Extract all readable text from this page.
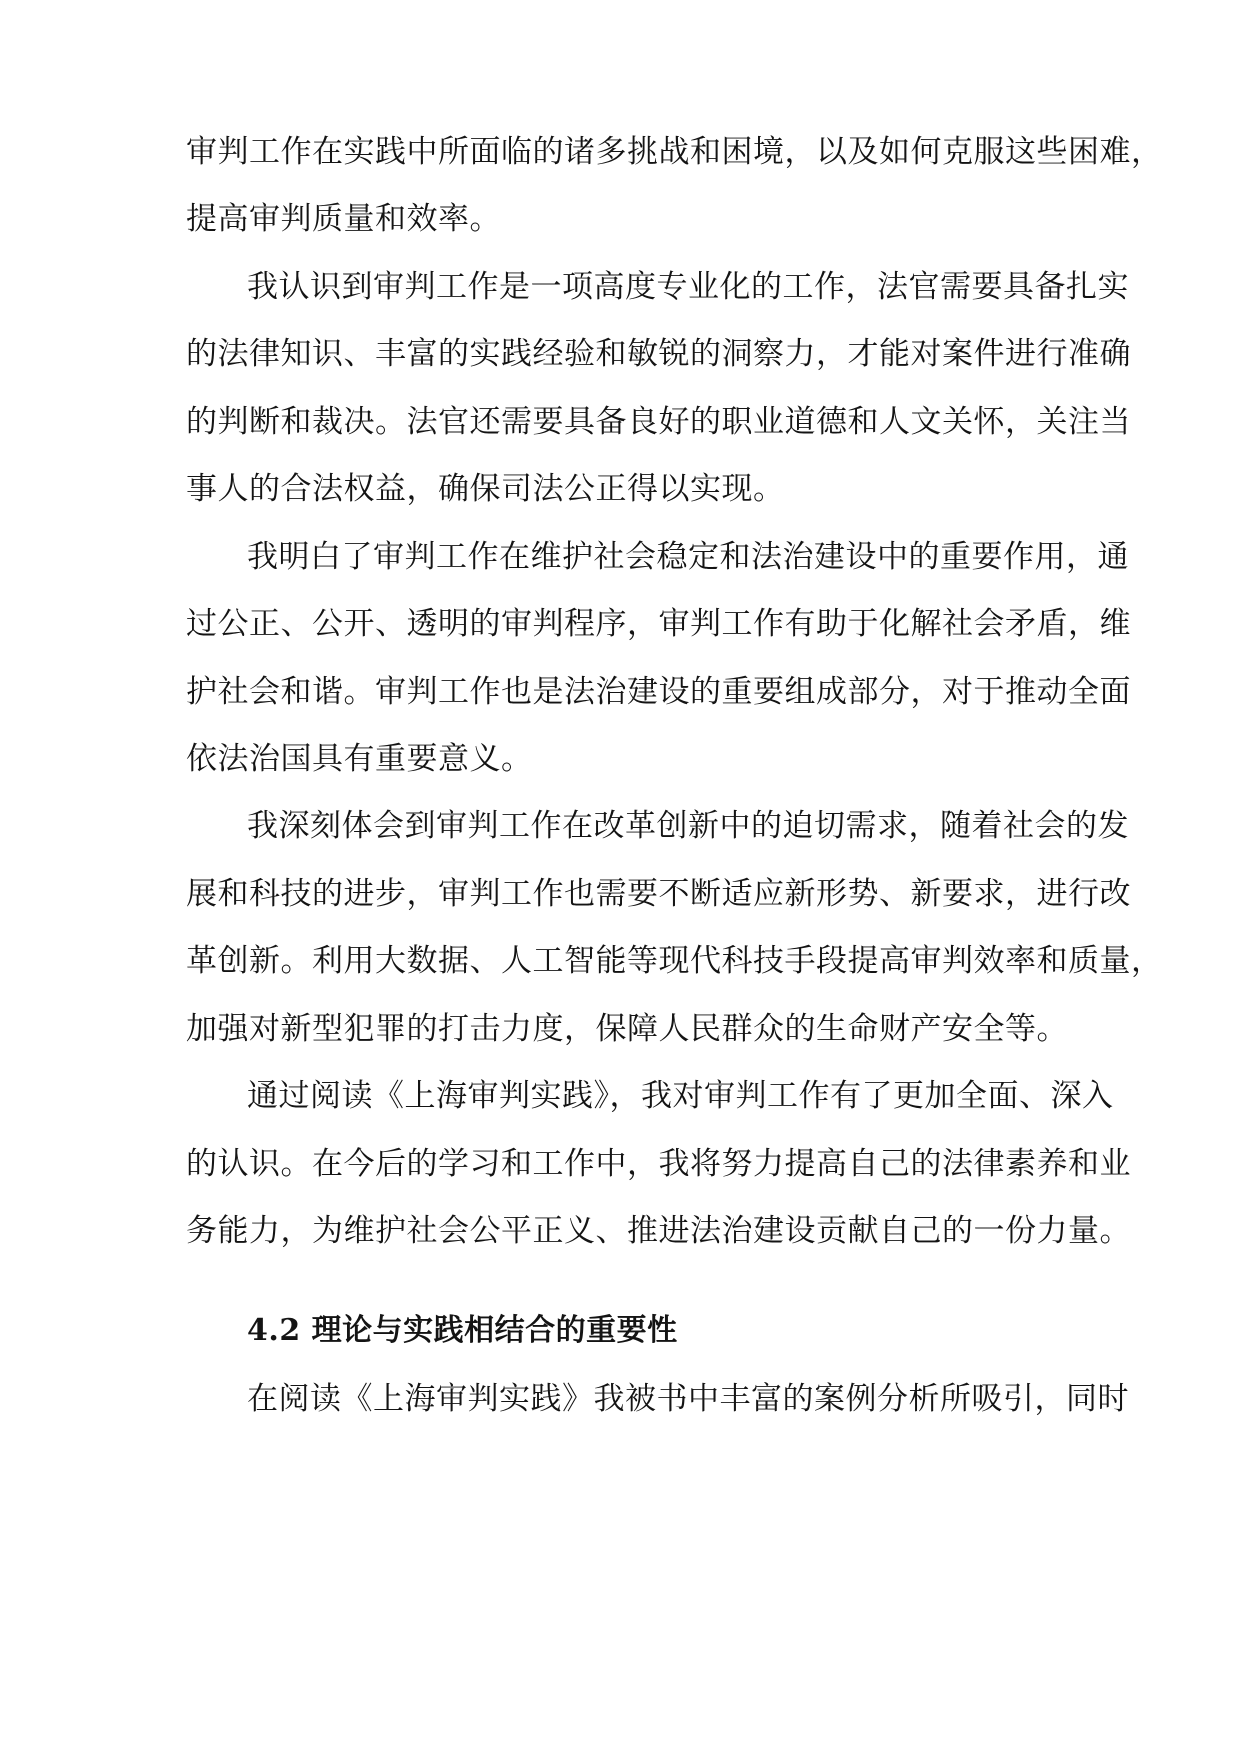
审判工作在实践中所面临的诸多挑战和困境，以及如何克服这些困难，
提高审判质量和效率。
我认识到审判工作是一项高度专业化的工作，法官需要具备扎实
的法律知识、丰富的实践经验和敏锐的洞察力，才能对案件进行准确
的判断和裁决。法官还需要具备良好的职业道德和人文关怀，关注当
事人的合法权益，确保司法公正得以实现。
我明白了审判工作在维护社会稳定和法治建设中的重要作用，通
过公正、公开、透明的审判程序，审判工作有助于化解社会矛盾，维
护社会和谐。审判工作也是法治建设的重要组成部分，对于推动全面
依法治国具有重要意义。
我深刻体会到审判工作在改革创新中的迫切需求，随着社会的发
展和科技的进步，审判工作也需要不断适应新形势、新要求，进行改
革创新。利用大数据、人工智能等现代科技手段提高审判效率和质量，
加强对新型犯罪的打击力度，保障人民群众的生命财产安全等。
通过阅读《上海审判实践》，我对审判工作有了更加全面、深入
的认识。在今后的学习和工作中，我将努力提高自己的法律素养和业
务能力，为维护社会公平正义、推进法治建设贡献自己的一份力量。
4.2 理论与实践相结合的重要性
在阅读《上海审判实践》我被书中丰富的案例分析所吸引，同时
